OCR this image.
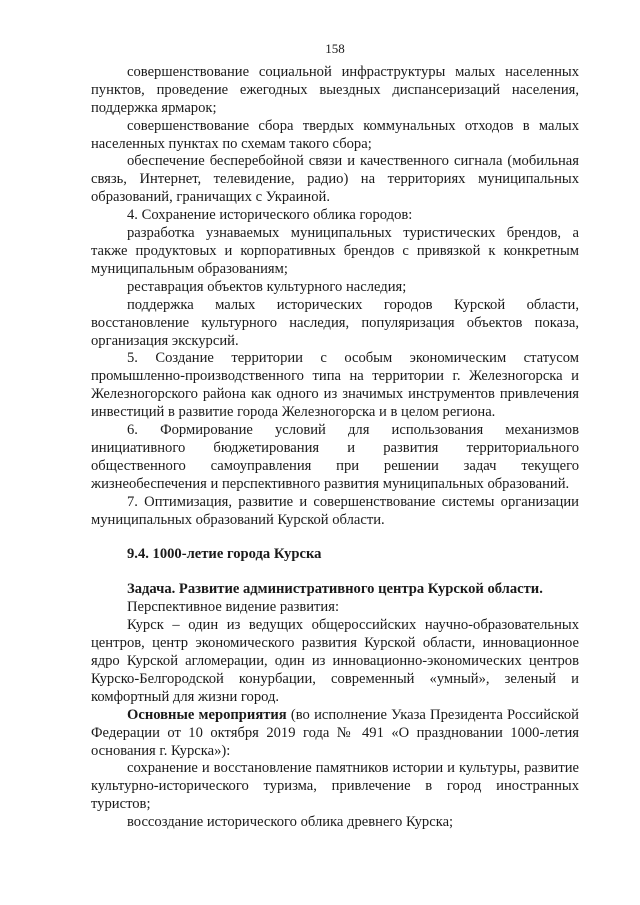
158

совершенствование социальной инфраструктуры малых населенных пунктов, проведение ежегодных выездных диспансеризаций населения, поддержка ярмарок;

совершенствование сбора твердых коммунальных отходов в малых населенных пунктах по схемам такого сбора;

обеспечение бесперебойной связи и качественного сигнала (мобильная связь, Интернет, телевидение, радио) на территориях муниципальных образований, граничащих с Украиной.

4. Сохранение исторического облика городов:

разработка узнаваемых муниципальных туристических брендов, а также продуктовых и корпоративных брендов с привязкой к конкретным муниципальным образованиям;

реставрация объектов культурного наследия;

поддержка малых исторических городов Курской области, восстановление культурного наследия, популяризация объектов показа, организация экскурсий.

5. Создание территории с особым экономическим статусом промышленно-производственного типа на территории г. Железногорска и Железногорского района как одного из значимых инструментов привлечения инвестиций в развитие города Железногорска и в целом региона.

6. Формирование условий для использования механизмов инициативного бюджетирования и развития территориального общественного самоуправления при решении задач текущего жизнеобеспечения и перспективного развития муниципальных образований.

7. Оптимизация, развитие и совершенствование системы организации муниципальных образований Курской области.

9.4. 1000-летие города Курска

Задача. Развитие административного центра Курской области.

Перспективное видение развития:

Курск – один из ведущих общероссийских научно-образовательных центров, центр экономического развития Курской области, инновационное ядро Курской агломерации, один из инновационно-экономических центров Курско-Белгородской конурбации, современный «умный», зеленый и комфортный для жизни город.

Основные мероприятия (во исполнение Указа Президента Российской Федерации от 10 октября 2019 года № 491 «О праздновании 1000-летия основания г. Курска»):

сохранение и восстановление памятников истории и культуры, развитие культурно-исторического туризма, привлечение в город иностранных туристов;

воссоздание исторического облика древнего Курска;
